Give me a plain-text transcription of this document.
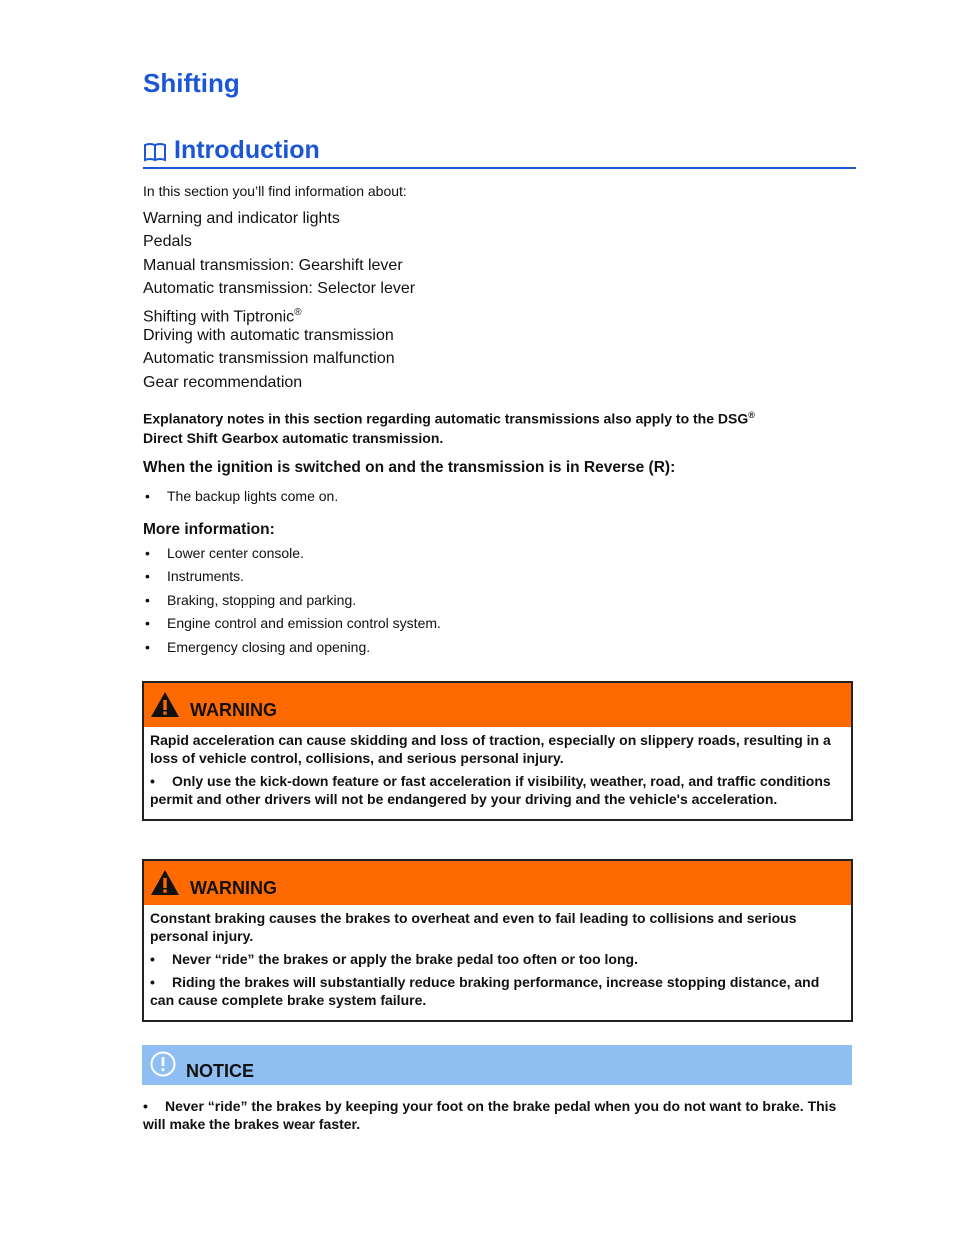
Shifting
Introduction
In this section you’ll find information about:
Warning and indicator lights
Pedals
Manual transmission: Gearshift lever
Automatic transmission: Selector lever
Shifting with Tiptronic®
Driving with automatic transmission
Automatic transmission malfunction
Gear recommendation
Explanatory notes in this section regarding automatic transmissions also apply to the DSG®
Direct Shift Gearbox automatic transmission.
When the ignition is switched on and the transmission is in Reverse (R):
• The backup lights come on.
More information:
• Lower center console.
• Instruments.
• Braking, stopping and parking.
• Engine control and emission control system.
• Emergency closing and opening.
WARNING

Rapid acceleration can cause skidding and loss of traction, especially on slippery roads, resulting in a loss of vehicle control, collisions, and serious personal injury.

• Only use the kick-down feature or fast acceleration if visibility, weather, road, and traffic conditions permit and other drivers will not be endangered by your driving and the vehicle's acceleration.

WARNING

Constant braking causes the brakes to overheat and even to fail leading to collisions and serious personal injury.

• Never “ride” the brakes or apply the brake pedal too often or too long.

• Riding the brakes will substantially reduce braking performance, increase stopping distance, and can cause complete brake system failure.

NOTICE
• Never “ride” the brakes by keeping your foot on the brake pedal when you do not want to brake. This will make the brakes wear faster.
